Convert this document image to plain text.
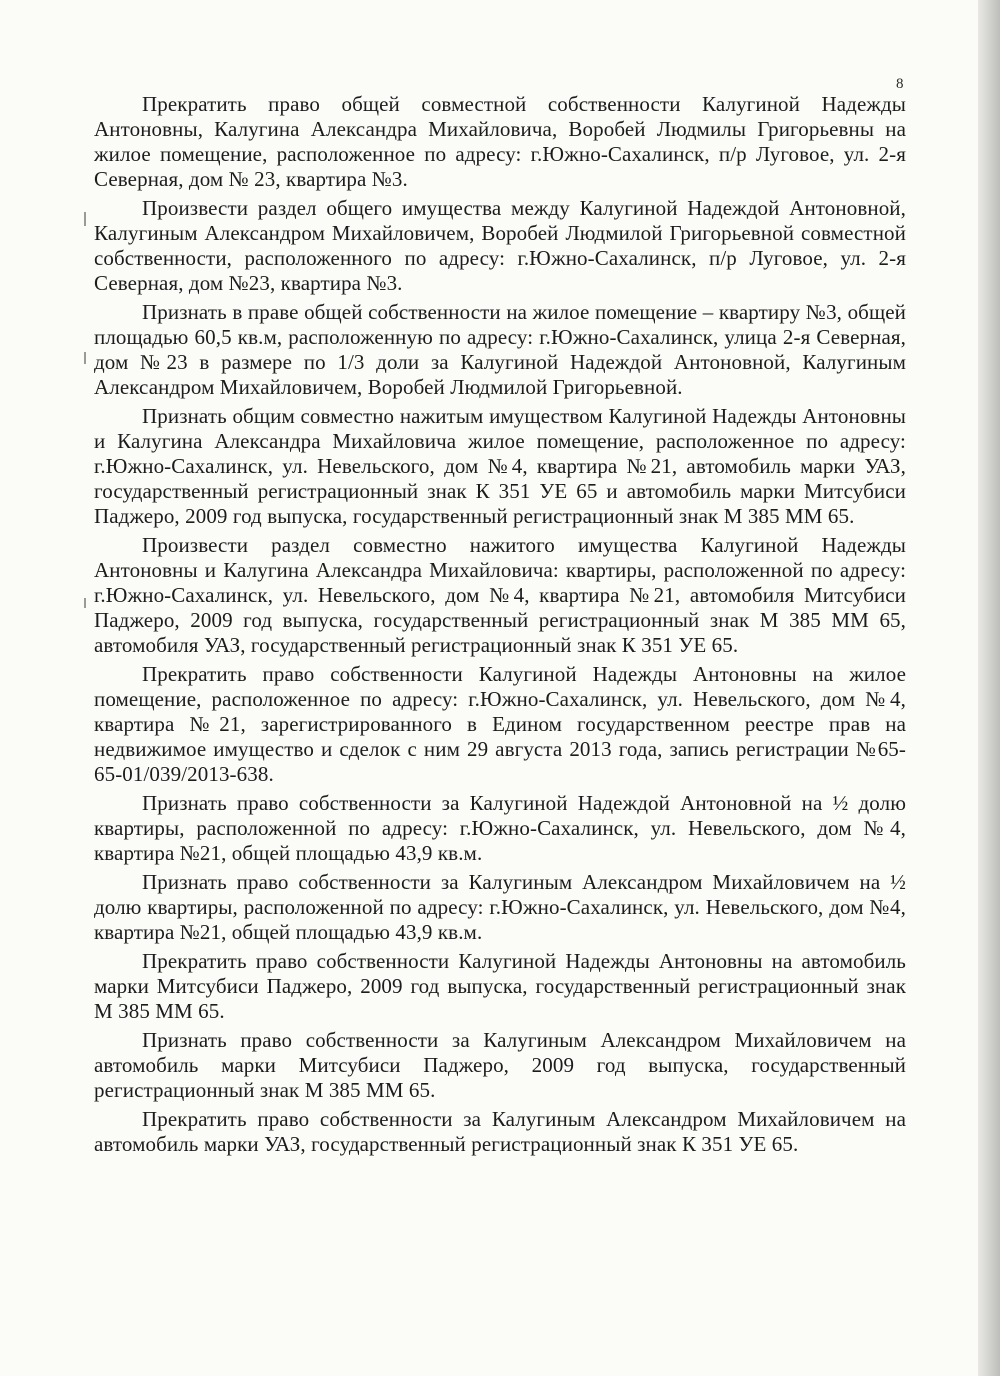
8

Прекратить право общей совместной собственности Калугиной Надежды Антоновны, Калугина Александра Михайловича, Воробей Людмилы Григорьевны на жилое помещение, расположенное по адресу: г.Южно-Сахалинск, п/р Луговое, ул. 2-я Северная, дом № 23, квартира №3.

Произвести раздел общего имущества между Калугиной Надеждой Антоновной, Калугиным Александром Михайловичем, Воробей Людмилой Григорьевной совместной собственности, расположенного по адресу: г.Южно-Сахалинск, п/р Луговое, ул. 2-я Северная, дом №23, квартира №3.

Признать в праве общей собственности на жилое помещение – квартиру №3, общей площадью 60,5 кв.м, расположенную по адресу: г.Южно-Сахалинск, улица 2-я Северная, дом №23 в размере по 1/3 доли за Калугиной Надеждой Антоновной, Калугиным Александром Михайловичем, Воробей Людмилой Григорьевной.

Признать общим совместно нажитым имуществом Калугиной Надежды Антоновны и Калугина Александра Михайловича жилое помещение, расположенное по адресу: г.Южно-Сахалинск, ул. Невельского, дом №4, квартира №21, автомобиль марки УАЗ, государственный регистрационный знак К 351 УЕ 65 и автомобиль марки Митсубиси Паджеро, 2009 год выпуска, государственный регистрационный знак М 385 ММ 65.

Произвести раздел совместно нажитого имущества Калугиной Надежды Антоновны и Калугина Александра Михайловича: квартиры, расположенной по адресу: г.Южно-Сахалинск, ул. Невельского, дом №4, квартира №21, автомобиля Митсубиси Паджеро, 2009 год выпуска, государственный регистрационный знак М 385 ММ 65, автомобиля УАЗ, государственный регистрационный знак К 351 УЕ 65.

Прекратить право собственности Калугиной Надежды Антоновны на жилое помещение, расположенное по адресу: г.Южно-Сахалинск, ул. Невельского, дом №4, квартира №21, зарегистрированного в Едином государственном реестре прав на недвижимое имущество и сделок с ним 29 августа 2013 года, запись регистрации №65-65-01/039/2013-638.

Признать право собственности за Калугиной Надеждой Антоновной на ½ долю квартиры, расположенной по адресу: г.Южно-Сахалинск, ул. Невельского, дом №4, квартира №21, общей площадью 43,9 кв.м.

Признать право собственности за Калугиным Александром Михайловичем на ½ долю квартиры, расположенной по адресу: г.Южно-Сахалинск, ул. Невельского, дом №4, квартира №21, общей площадью 43,9 кв.м.

Прекратить право собственности Калугиной Надежды Антоновны на автомобиль марки Митсубиси Паджеро, 2009 год выпуска, государственный регистрационный знак М 385 ММ 65.

Признать право собственности за Калугиным Александром Михайловичем на автомобиль марки Митсубиси Паджеро, 2009 год выпуска, государственный регистрационный знак М 385 ММ 65.

Прекратить право собственности за Калугиным Александром Михайловичем на автомобиль марки УАЗ, государственный регистрационный знак К 351 УЕ 65.
